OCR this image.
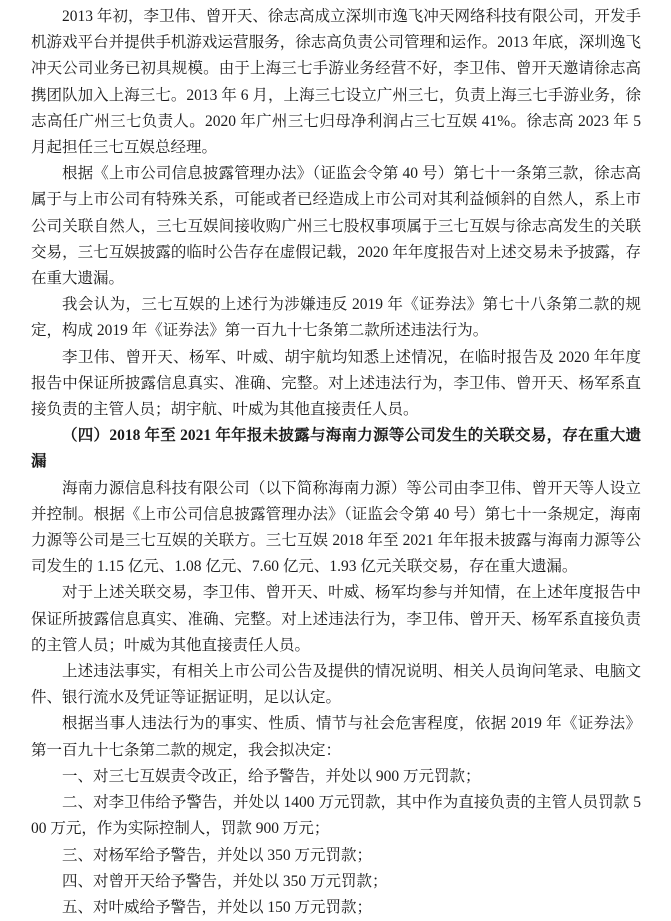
2013 年初，李卫伟、曾开天、徐志高成立深圳市逸飞冲天网络科技有限公司，开发手机游戏平台并提供手机游戏运营服务，徐志高负责公司管理和运作。2013 年底，深圳逸飞冲天公司业务已初具规模。由于上海三七手游业务经营不好，李卫伟、曾开天邀请徐志高携团队加入上海三七。2013 年 6 月，上海三七设立广州三七，负责上海三七手游业务，徐志高任广州三七负责人。2020 年广州三七归母净利润占三七互娱 41%。徐志高 2023 年 5 月起担任三七互娱总经理。

根据《上市公司信息披露管理办法》（证监会令第 40 号）第七十一条第三款，徐志高属于与上市公司有特殊关系，可能或者已经造成上市公司对其利益倾斜的自然人，系上市公司关联自然人，三七互娱间接收购广州三七股权事项属于三七互娱与徐志高发生的关联交易，三七互娱披露的临时公告存在虚假记载，2020 年年度报告对上述交易未予披露，存在重大遗漏。

我会认为，三七互娱的上述行为涉嫌违反 2019 年《证券法》第七十八条第二款的规定，构成 2019 年《证券法》第一百九十七条第二款所述违法行为。

李卫伟、曾开天、杨军、叶威、胡宇航均知悉上述情况，在临时报告及 2020 年年度报告中保证所披露信息真实、准确、完整。对上述违法行为，李卫伟、曾开天、杨军系直接负责的主管人员；胡宇航、叶威为其他直接责任人员。

（四）2018 年至 2021 年年报未披露与海南力源等公司发生的关联交易，存在重大遗漏

海南力源信息科技有限公司（以下简称海南力源）等公司由李卫伟、曾开天等人设立并控制。根据《上市公司信息披露管理办法》（证监会令第 40 号）第七十一条规定，海南力源等公司是三七互娱的关联方。三七互娱 2018 年至 2021 年年报未披露与海南力源等公司发生的 1.15 亿元、1.08 亿元、7.60 亿元、1.93 亿元关联交易，存在重大遗漏。

对于上述关联交易，李卫伟、曾开天、叶威、杨军均参与并知情，在上述年度报告中保证所披露信息真实、准确、完整。对上述违法行为，李卫伟、曾开天、杨军系直接负责的主管人员；叶威为其他直接责任人员。

上述违法事实，有相关上市公司公告及提供的情况说明、相关人员询问笔录、电脑文件、银行流水及凭证等证据证明，足以认定。

根据当事人违法行为的事实、性质、情节与社会危害程度，依据 2019 年《证券法》第一百九十七条第二款的规定，我会拟决定：

一、对三七互娱责令改正，给予警告，并处以 900 万元罚款；

二、对李卫伟给予警告，并处以 1400 万元罚款，其中作为直接负责的主管人员罚款 500 万元，作为实际控制人，罚款 900 万元；

三、对杨军给予警告，并处以 350 万元罚款；

四、对曾开天给予警告，并处以 350 万元罚款；

五、对叶威给予警告，并处以 150 万元罚款；
